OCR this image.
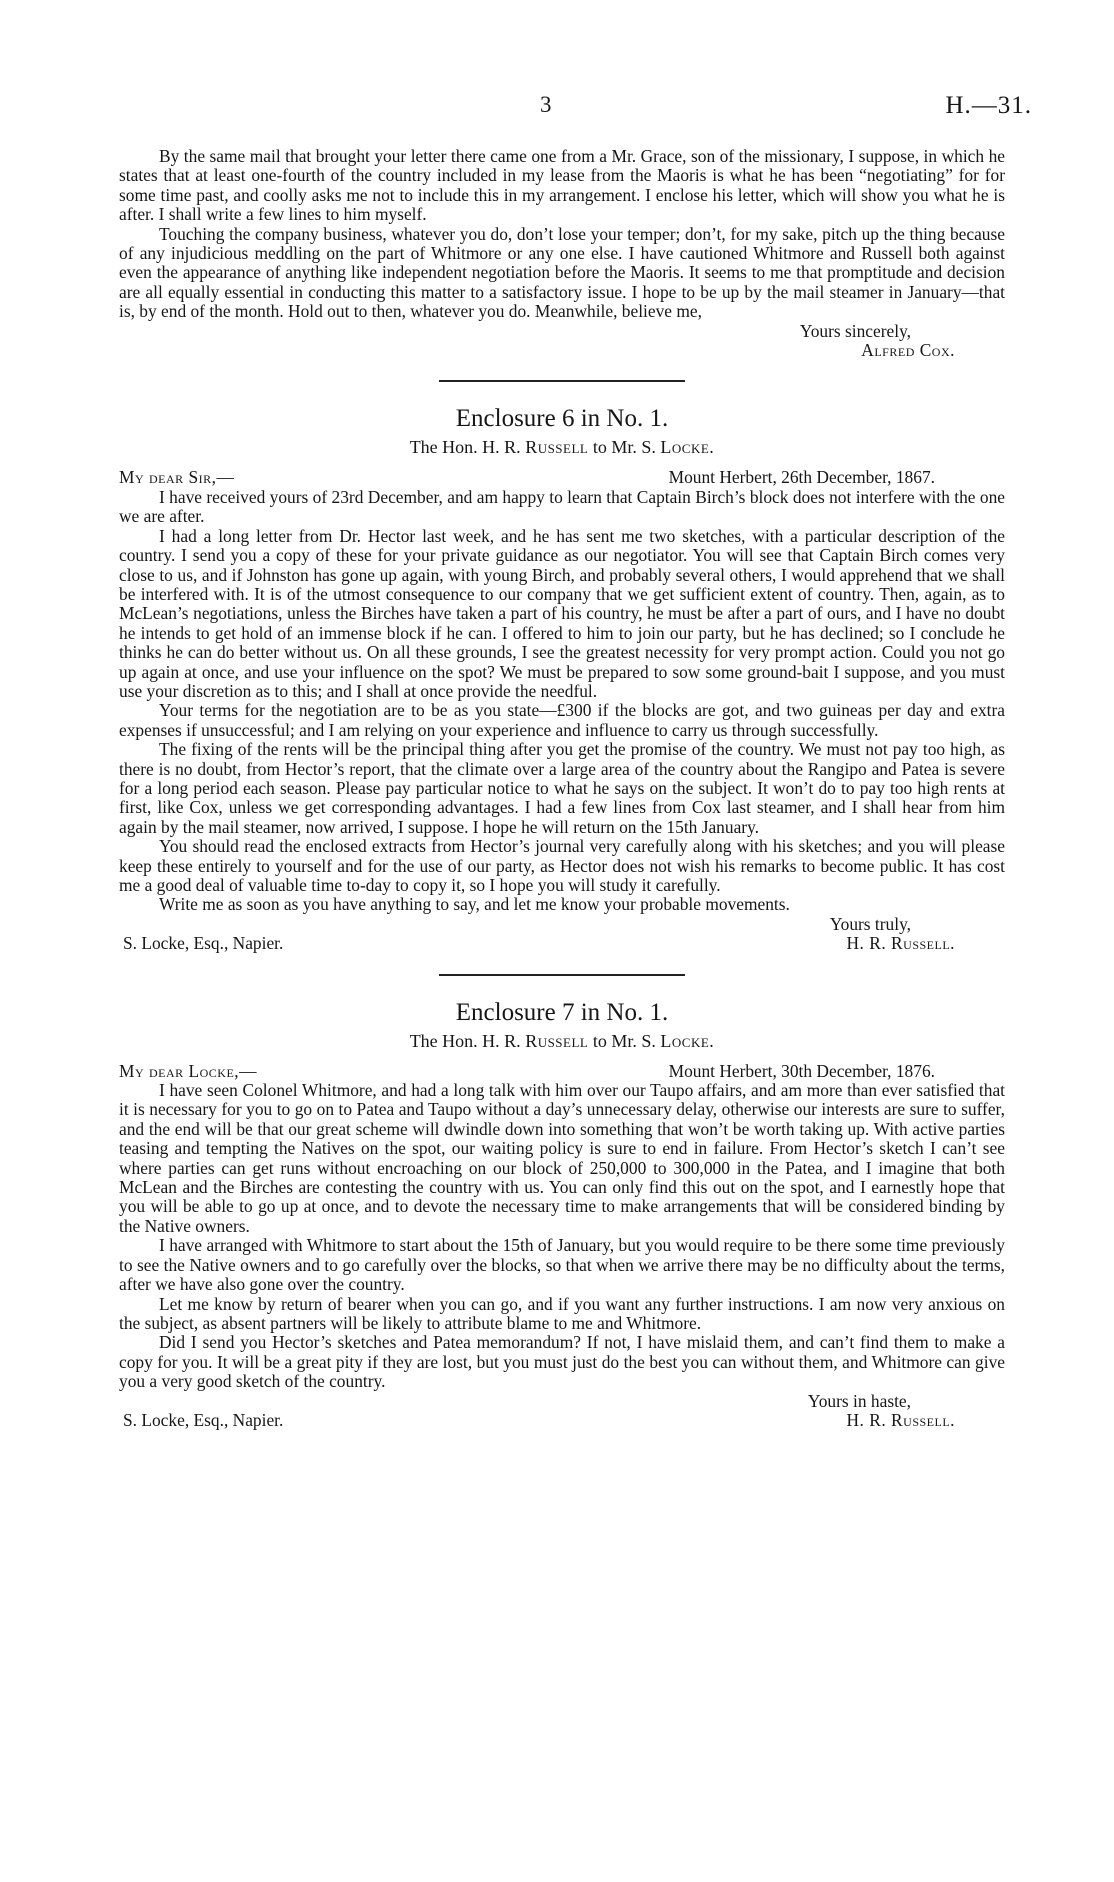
3	H.—31.

By the same mail that brought your letter there came one from a Mr. Grace, son of the missionary, I suppose, in which he states that at least one-fourth of the country included in my lease from the Maoris is what he has been “negotiating” for for some time past, and coolly asks me not to include this in my arrangement. I enclose his letter, which will show you what he is after. I shall write a few lines to him myself.

Touching the company business, whatever you do, don’t lose your temper; don’t, for my sake, pitch up the thing because of any injudicious meddling on the part of Whitmore or any one else. I have cautioned Whitmore and Russell both against even the appearance of anything like independent negotiation before the Maoris. It seems to me that promptitude and decision are all equally essential in conducting this matter to a satisfactory issue. I hope to be up by the mail steamer in January—that is, by end of the month. Hold out to then, whatever you do. Meanwhile, believe me,

Yours sincerely,
Alfred Cox.
Enclosure 6 in No. 1.
The Hon. H. R. Russell to Mr. S. Locke.
My dear Sir,—	Mount Herbert, 26th December, 1867.

I have received yours of 23rd December, and am happy to learn that Captain Birch’s block does not interfere with the one we are after.

I had a long letter from Dr. Hector last week, and he has sent me two sketches, with a particular description of the country. I send you a copy of these for your private guidance as our negotiator. You will see that Captain Birch comes very close to us, and if Johnston has gone up again, with young Birch, and probably several others, I would apprehend that we shall be interfered with. It is of the utmost consequence to our company that we get sufficient extent of country. Then, again, as to McLean’s negotiations, unless the Birches have taken a part of his country, he must be after a part of ours, and I have no doubt he intends to get hold of an immense block if he can. I offered to him to join our party, but he has declined; so I conclude he thinks he can do better without us. On all these grounds, I see the greatest necessity for very prompt action. Could you not go up again at once, and use your influence on the spot? We must be prepared to sow some ground-bait I suppose, and you must use your discretion as to this; and I shall at once provide the needful.

Your terms for the negotiation are to be as you state—£300 if the blocks are got, and two guineas per day and extra expenses if unsuccessful; and I am relying on your experience and influence to carry us through successfully.

The fixing of the rents will be the principal thing after you get the promise of the country. We must not pay too high, as there is no doubt, from Hector’s report, that the climate over a large area of the country about the Rangipo and Patea is severe for a long period each season. Please pay particular notice to what he says on the subject. It won’t do to pay too high rents at first, like Cox, unless we get corresponding advantages. I had a few lines from Cox last steamer, and I shall hear from him again by the mail steamer, now arrived, I suppose. I hope he will return on the 15th January.

You should read the enclosed extracts from Hector’s journal very carefully along with his sketches; and you will please keep these entirely to yourself and for the use of our party, as Hector does not wish his remarks to become public. It has cost me a good deal of valuable time to-day to copy it, so I hope you will study it carefully.

Write me as soon as you have anything to say, and let me know your probable movements.

Yours truly,
S. Locke, Esq., Napier.	H. R. Russell.
Enclosure 7 in No. 1.
The Hon. H. R. Russell to Mr. S. Locke.
My dear Locke,—	Mount Herbert, 30th December, 1876.

I have seen Colonel Whitmore, and had a long talk with him over our Taupo affairs, and am more than ever satisfied that it is necessary for you to go on to Patea and Taupo without a day’s unnecessary delay, otherwise our interests are sure to suffer, and the end will be that our great scheme will dwindle down into something that won’t be worth taking up. With active parties teasing and tempting the Natives on the spot, our waiting policy is sure to end in failure. From Hector’s sketch I can’t see where parties can get runs without encroaching on our block of 250,000 to 300,000 in the Patea, and I imagine that both McLean and the Birches are contesting the country with us. You can only find this out on the spot, and I earnestly hope that you will be able to go up at once, and to devote the necessary time to make arrangements that will be considered binding by the Native owners.

I have arranged with Whitmore to start about the 15th of January, but you would require to be there some time previously to see the Native owners and to go carefully over the blocks, so that when we arrive there may be no difficulty about the terms, after we have also gone over the country.

Let me know by return of bearer when you can go, and if you want any further instructions. I am now very anxious on the subject, as absent partners will be likely to attribute blame to me and Whitmore.

Did I send you Hector’s sketches and Patea memorandum? If not, I have mislaid them, and can’t find them to make a copy for you. It will be a great pity if they are lost, but you must just do the best you can without them, and Whitmore can give you a very good sketch of the country.

Yours in haste,
S. Locke, Esq., Napier.	H. R. Russell.
